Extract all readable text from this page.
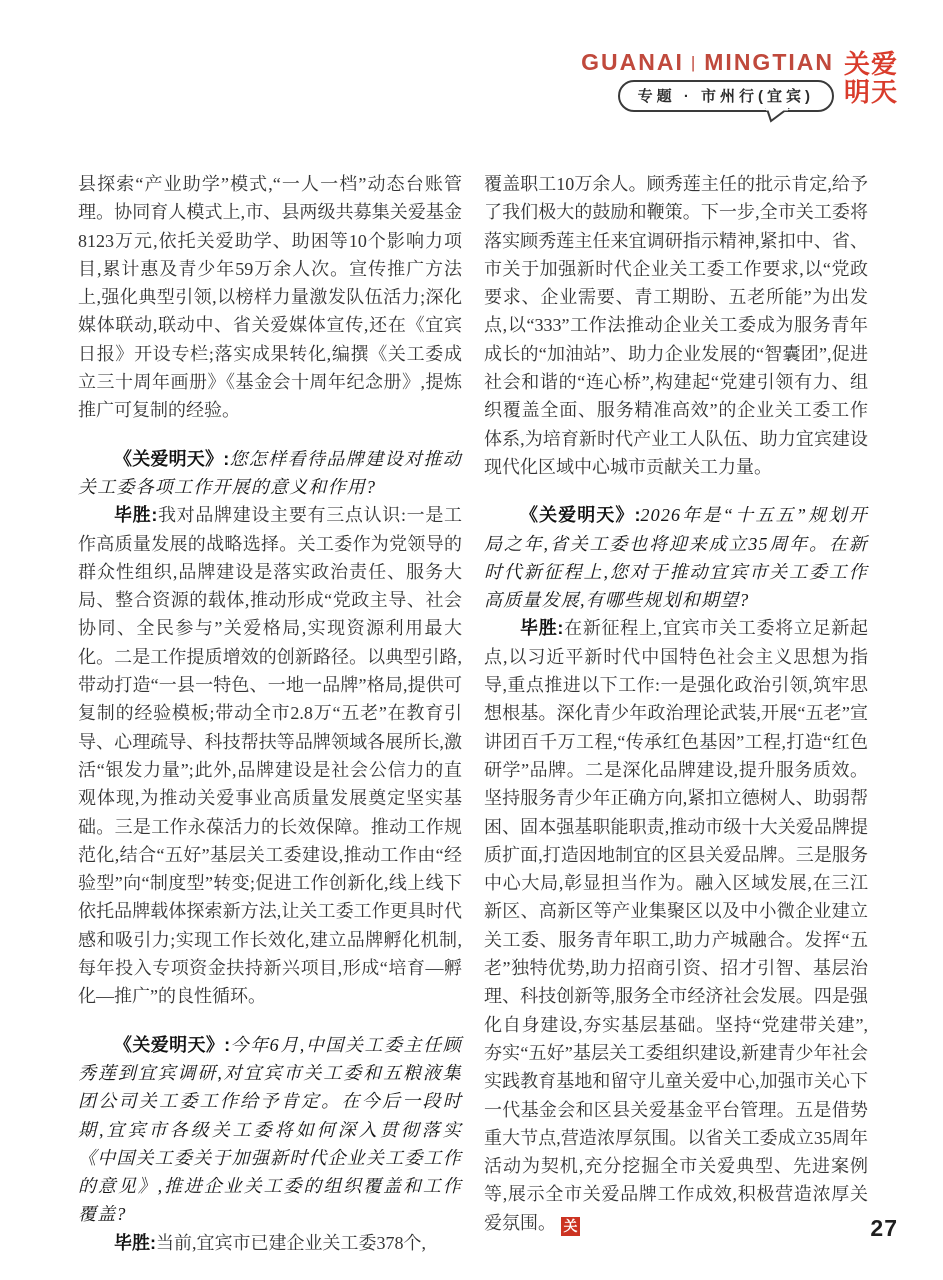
GUANAI | MINGTIAN
专题 · 市州行(宜宾)
关爱
明天

县探索“产业助学”模式,“一人一档”动态台账管理。协同育人模式上,市、县两级共募集关爱基金8123万元,依托关爱助学、助困等10个影响力项目,累计惠及青少年59万余人次。宣传推广方法上,强化典型引领,以榜样力量激发队伍活力;深化媒体联动,联动中、省关爱媒体宣传,还在《宜宾日报》开设专栏;落实成果转化,编撰《关工委成立三十周年画册》《基金会十周年纪念册》,提炼推广可复制的经验。

《关爱明天》:您怎样看待品牌建设对推动关工委各项工作开展的意义和作用?

毕胜:我对品牌建设主要有三点认识:一是工作高质量发展的战略选择。关工委作为党领导的群众性组织,品牌建设是落实政治责任、服务大局、整合资源的载体,推动形成“党政主导、社会协同、全民参与”关爱格局,实现资源利用最大化。二是工作提质增效的创新路径。以典型引路,带动打造“一县一特色、一地一品牌”格局,提供可复制的经验模板;带动全市2.8万“五老”在教育引导、心理疏导、科技帮扶等品牌领域各展所长,激活“银发力量”;此外,品牌建设是社会公信力的直观体现,为推动关爱事业高质量发展奠定坚实基础。三是工作永葆活力的长效保障。推动工作规范化,结合“五好”基层关工委建设,推动工作由“经验型”向“制度型”转变;促进工作创新化,线上线下依托品牌载体探索新方法,让关工委工作更具时代感和吸引力;实现工作长效化,建立品牌孵化机制,每年投入专项资金扶持新兴项目,形成“培育—孵化—推广”的良性循环。

《关爱明天》:今年6月,中国关工委主任顾秀莲到宜宾调研,对宜宾市关工委和五粮液集团公司关工委工作给予肯定。在今后一段时期,宜宾市各级关工委将如何深入贯彻落实《中国关工委关于加强新时代企业关工委工作的意见》,推进企业关工委的组织覆盖和工作覆盖?

毕胜:当前,宜宾市已建企业关工委378个,

覆盖职工10万余人。顾秀莲主任的批示肯定,给予了我们极大的鼓励和鞭策。下一步,全市关工委将落实顾秀莲主任来宜调研指示精神,紧扣中、省、市关于加强新时代企业关工委工作要求,以“党政要求、企业需要、青工期盼、五老所能”为出发点,以“333”工作法推动企业关工委成为服务青年成长的“加油站”、助力企业发展的“智囊团”,促进社会和谐的“连心桥”,构建起“党建引领有力、组织覆盖全面、服务精准高效”的企业关工委工作体系,为培育新时代产业工人队伍、助力宜宾建设现代化区域中心城市贡献关工力量。

《关爱明天》:2026年是“十五五”规划开局之年,省关工委也将迎来成立35周年。在新时代新征程上,您对于推动宜宾市关工委工作高质量发展,有哪些规划和期望?

毕胜:在新征程上,宜宾市关工委将立足新起点,以习近平新时代中国特色社会主义思想为指导,重点推进以下工作:一是强化政治引领,筑牢思想根基。深化青少年政治理论武装,开展“五老”宣讲团百千万工程,“传承红色基因”工程,打造“红色研学”品牌。二是深化品牌建设,提升服务质效。坚持服务青少年正确方向,紧扣立德树人、助弱帮困、固本强基职能职责,推动市级十大关爱品牌提质扩面,打造因地制宜的区县关爱品牌。三是服务中心大局,彰显担当作为。融入区域发展,在三江新区、高新区等产业集聚区以及中小微企业建立关工委、服务青年职工,助力产城融合。发挥“五老”独特优势,助力招商引资、招才引智、基层治理、科技创新等,服务全市经济社会发展。四是强化自身建设,夯实基层基础。坚持“党建带关建”,夯实“五好”基层关工委组织建设,新建青少年社会实践教育基地和留守儿童关爱中心,加强市关心下一代基金会和区县关爱基金平台管理。五是借势重大节点,营造浓厚氛围。以省关工委成立35周年活动为契机,充分挖掘全市关爱典型、先进案例等,展示全市关爱品牌工作成效,积极营造浓厚关爱氛围。 关	27
